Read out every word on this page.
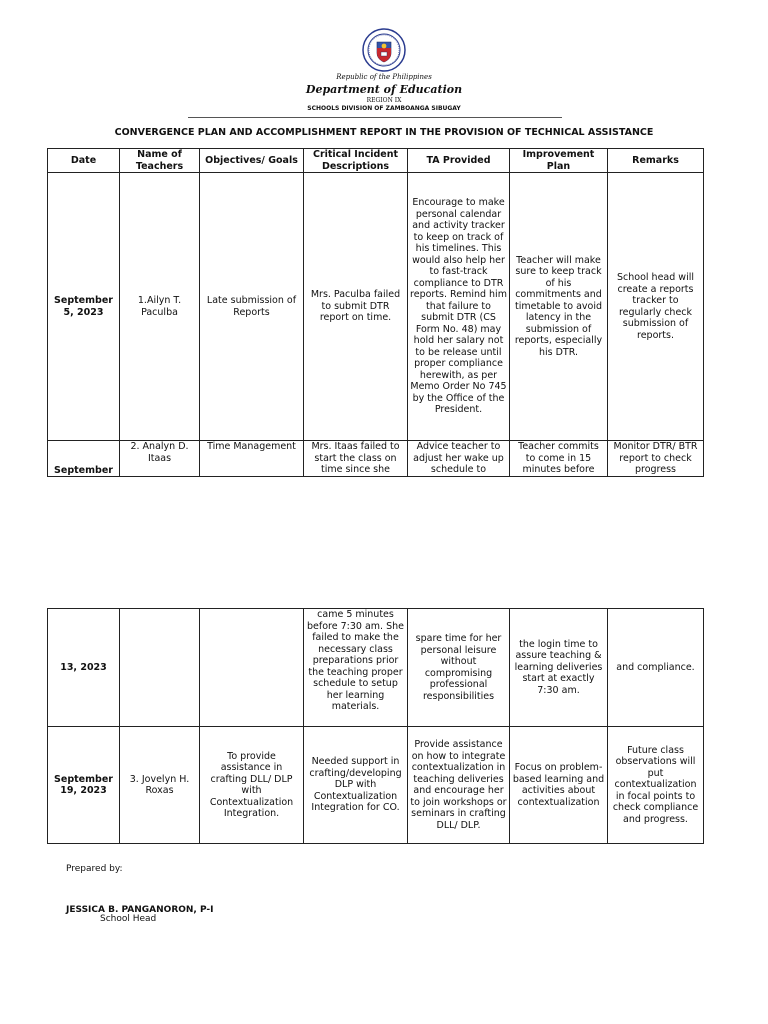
Republic of the Philippines
Department of Education
REGION IX
SCHOOLS DIVISION OF ZAMBOANGA SIBUGAY
CONVERGENCE PLAN AND ACCOMPLISHMENT REPORT IN THE PROVISION OF TECHNICAL ASSISTANCE
Date	Name of Teachers	Objectives/ Goals	Critical Incident Descriptions	TA Provided	Improvement Plan	Remarks
September 5, 2023	1.Ailyn T. Paculba	Late submission of Reports	Mrs. Paculba failed to submit DTR report on time.	Encourage to make personal calendar and activity tracker to keep on track of his timelines. This would also help her to fast-track compliance to DTR reports. Remind him that failure to submit DTR (CS Form No. 48) may hold her salary not to be release until proper compliance herewith, as per Memo Order No 745 by the Office of the President.	Teacher will make sure to keep track of his commitments and timetable to avoid latency in the submission of reports, especially his DTR.	School head will create a reports tracker to regularly check submission of reports.
September	2. Analyn D. Itaas	Time Management	Mrs. Itaas failed to start the class on time since she	Advice teacher to adjust her wake up schedule to	Teacher commits to come in 15 minutes before	Monitor DTR/ BTR report to check progress
13, 2023			came 5 minutes before 7:30 am. She failed to make the necessary class preparations prior the teaching proper schedule to setup her learning materials.	spare time for her personal leisure without compromising professional responsibilities	the login time to assure teaching & learning deliveries start at exactly 7:30 am.	and compliance.
September 19, 2023	3. Jovelyn H. Roxas	To provide assistance in crafting DLL/ DLP with Contextualization Integration.	Needed support in crafting/developing DLP with Contextualization Integration for CO.	Provide assistance on how to integrate contextualization in teaching deliveries and encourage her to join workshops or seminars in crafting DLL/ DLP.	Focus on problem-based learning and activities about contextualization	Future class observations will put contextualization in focal points to check compliance and progress.
Prepared by:
JESSICA B. PANGANORON, P-I
School Head
